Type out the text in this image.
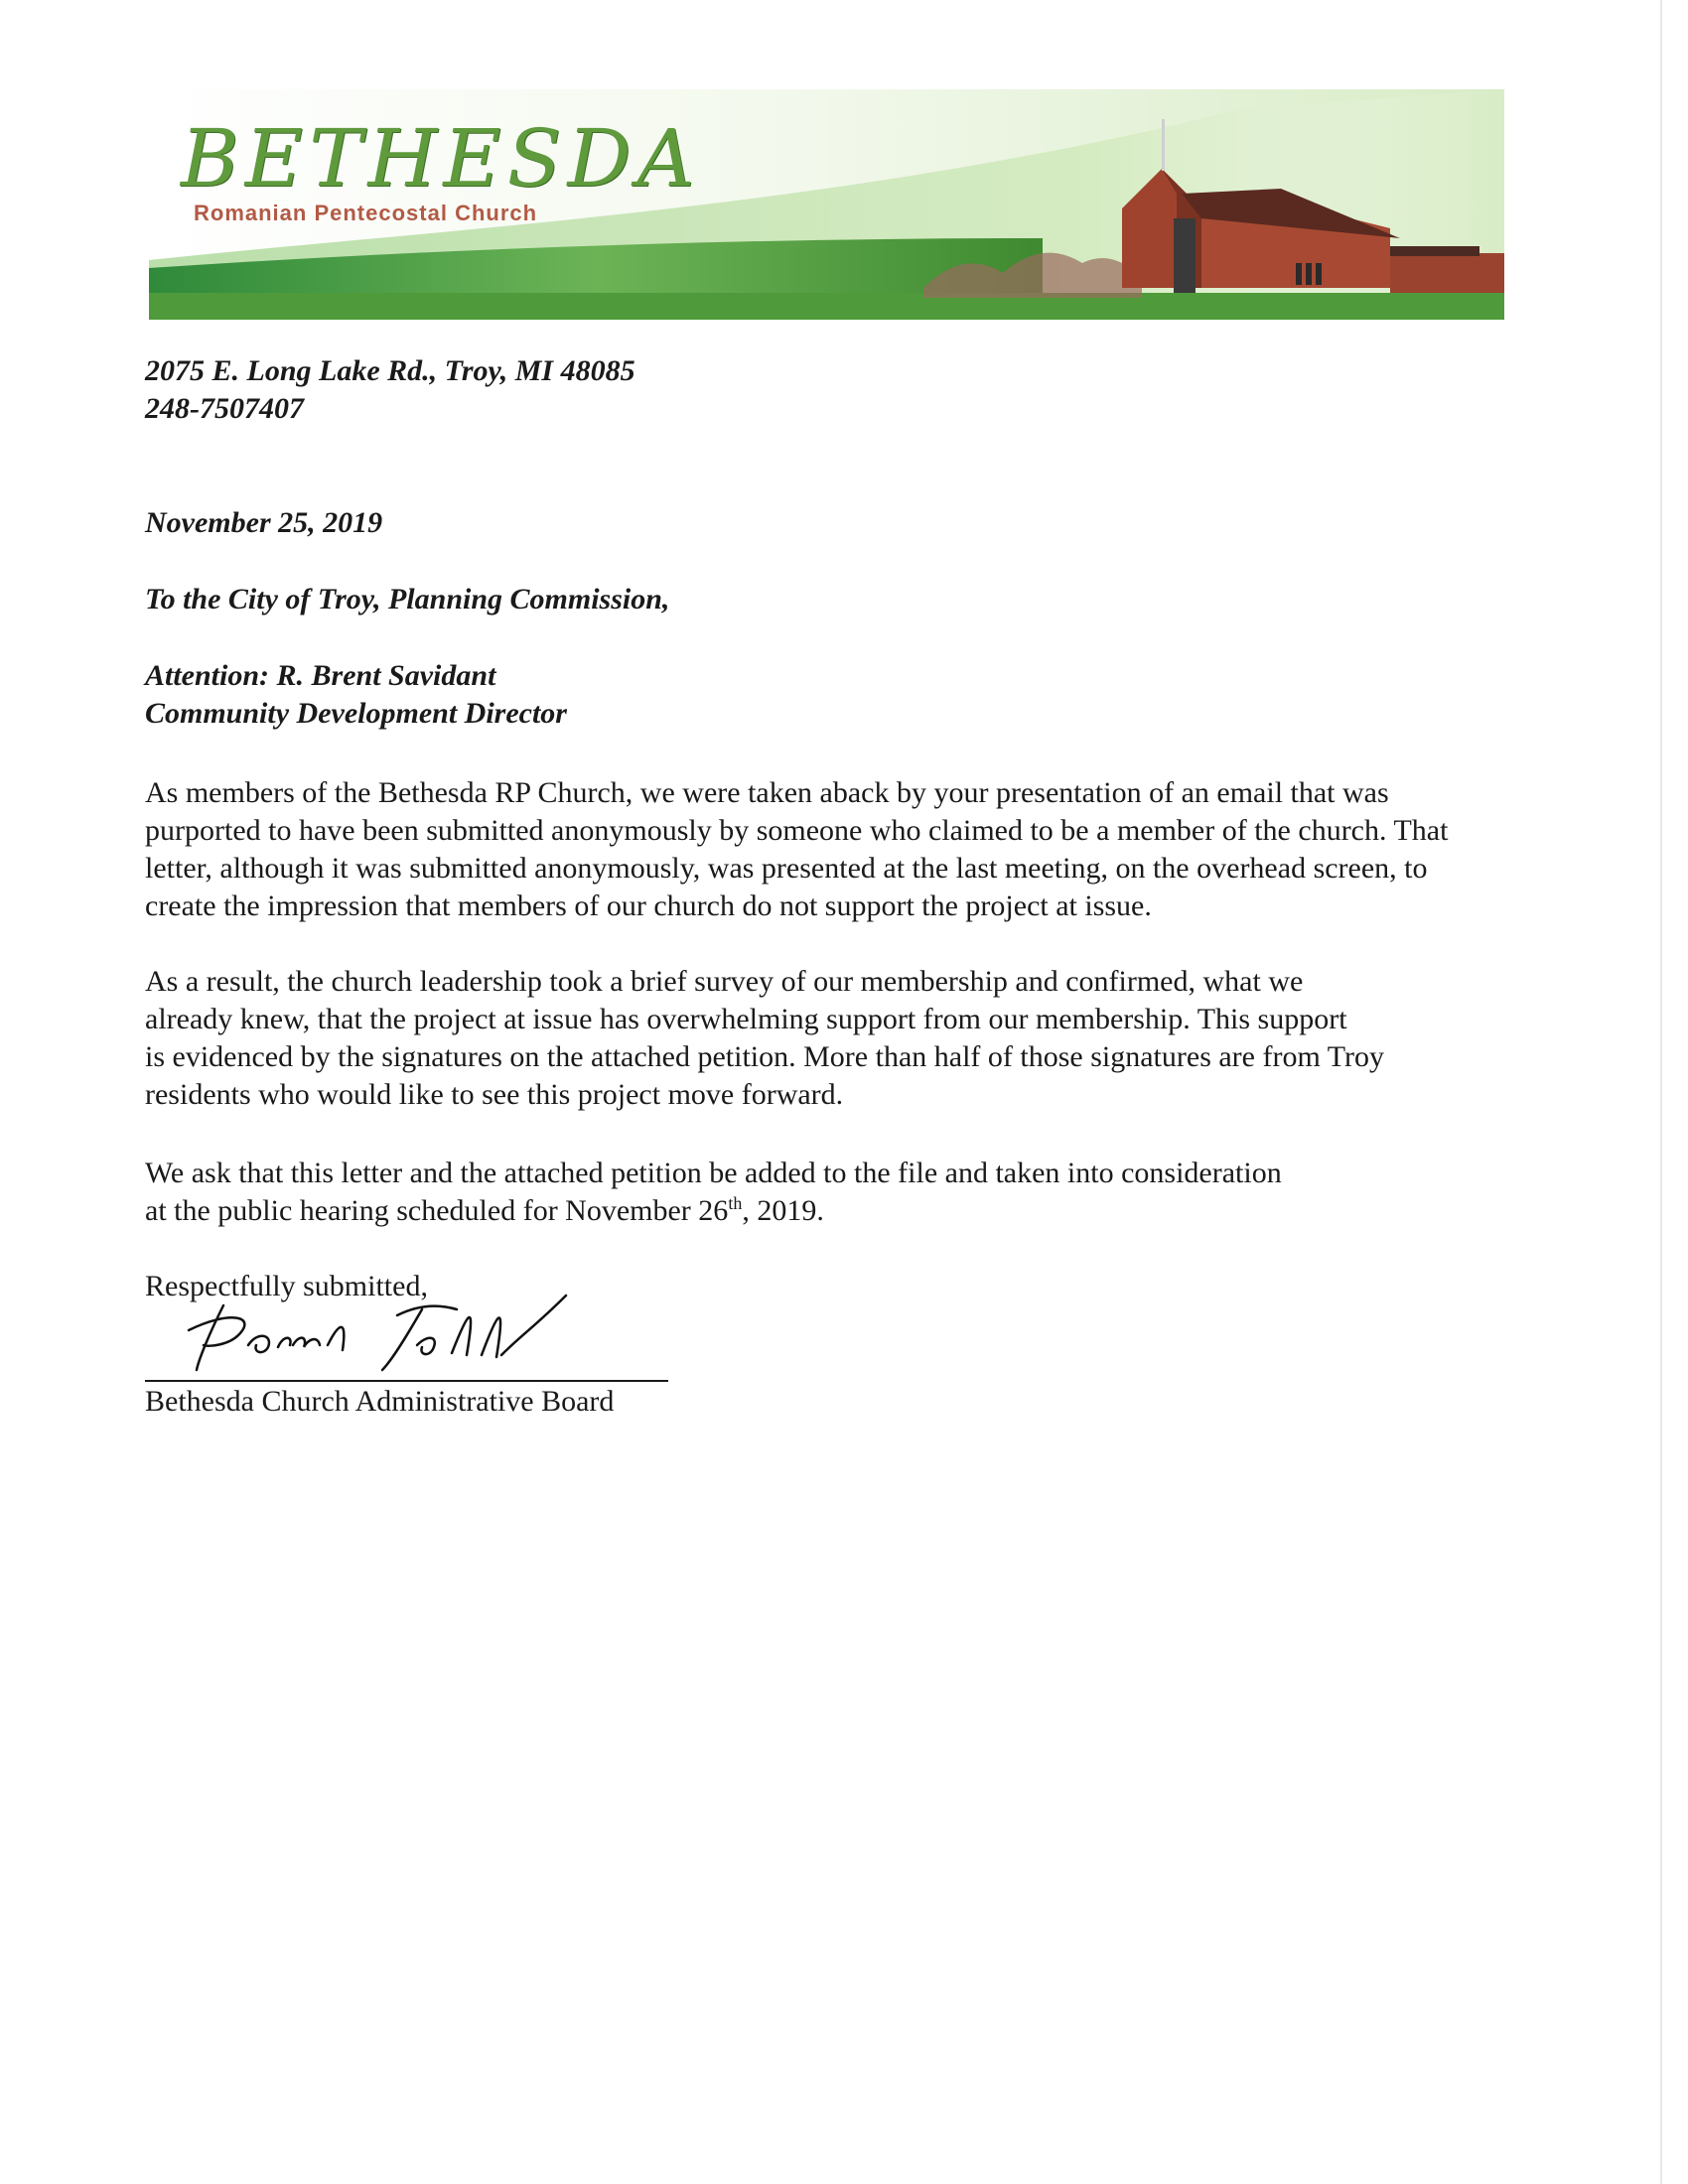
BETHESDA
Romanian Pentecostal Church
2075 E. Long Lake Rd., Troy, MI 48085
248-7507407
November 25, 2019
To the City of Troy, Planning Commission,
Attention: R. Brent Savidant
Community Development Director
As members of the Bethesda RP Church, we were taken aback by your presentation of an email that was
purported to have been submitted anonymously by someone who claimed to be a member of the church. That
letter, although it was submitted anonymously, was presented at the last meeting, on the overhead screen, to
create the impression that members of our church do not support the project at issue.
As a result, the church leadership took a brief survey of our membership and confirmed, what we
already knew, that the project at issue has overwhelming support from our membership. This support
is evidenced by the signatures on the attached petition. More than half of those signatures are from Troy
residents who would like to see this project move forward.
We ask that this letter and the attached petition be added to the file and taken into consideration
at the public hearing scheduled for November 26th, 2019.
Respectfully submitted,
Bethesda Church Administrative Board
